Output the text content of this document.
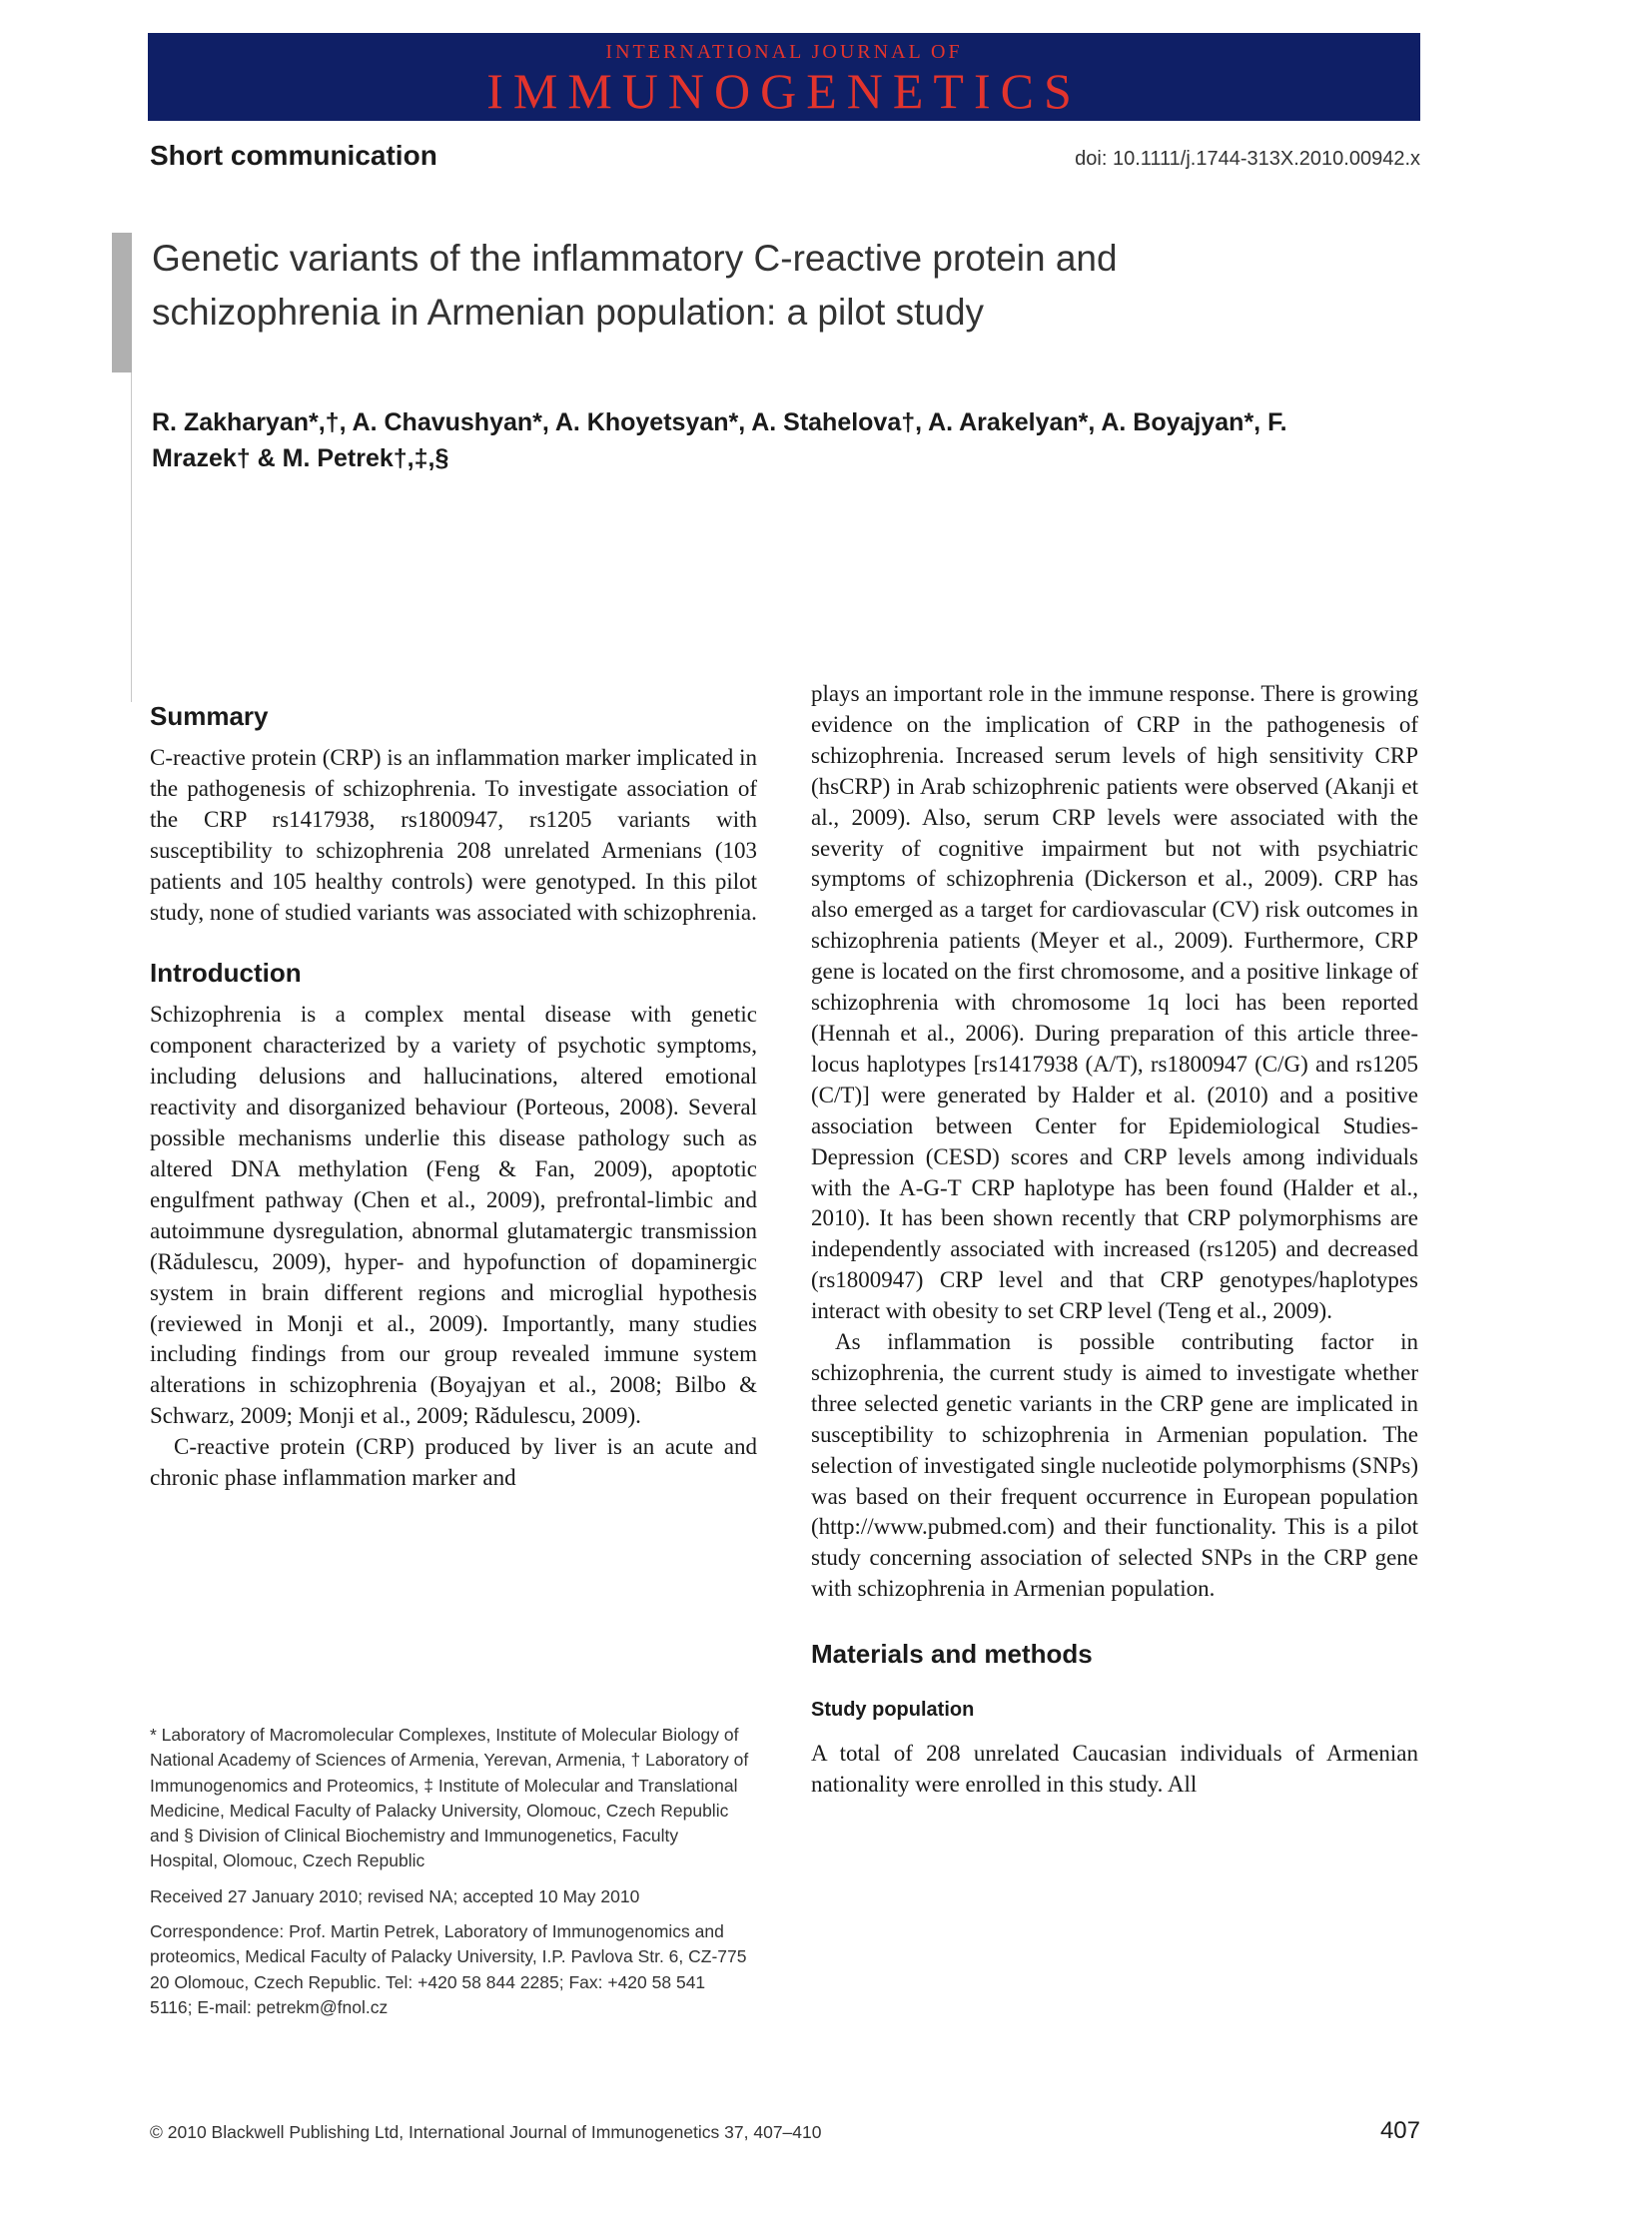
INTERNATIONAL JOURNAL OF
IMMUNOGENETICS
Short communication	doi: 10.1111/j.1744-313X.2010.00942.x
Genetic variants of the inflammatory C-reactive protein and schizophrenia in Armenian population: a pilot study
R. Zakharyan*,†, A. Chavushyan*, A. Khoyetsyan*, A. Stahelova†, A. Arakelyan*, A. Boyajyan*, F. Mrazek† & M. Petrek†,‡,§
Summary

C-reactive protein (CRP) is an inflammation marker implicated in the pathogenesis of schizophrenia. To investigate association of the CRP rs1417938, rs1800947, rs1205 variants with susceptibility to schizophrenia 208 unrelated Armenians (103 patients and 105 healthy controls) were genotyped. In this pilot study, none of studied variants was associated with schizophrenia.

Introduction

Schizophrenia is a complex mental disease with genetic component characterized by a variety of psychotic symptoms, including delusions and hallucinations, altered emotional reactivity and disorganized behaviour (Porteous, 2008). Several possible mechanisms underlie this disease pathology such as altered DNA methylation (Feng & Fan, 2009), apoptotic engulfment pathway (Chen et al., 2009), prefrontal-limbic and autoimmune dysregulation, abnormal glutamatergic transmission (Rădulescu, 2009), hyper- and hypofunction of dopaminergic system in brain different regions and microglial hypothesis (reviewed in Monji et al., 2009). Importantly, many studies including findings from our group revealed immune system alterations in schizophrenia (Boyajyan et al., 2008; Bilbo & Schwarz, 2009; Monji et al., 2009; Rădulescu, 2009).

C-reactive protein (CRP) produced by liver is an acute and chronic phase inflammation marker and

plays an important role in the immune response. There is growing evidence on the implication of CRP in the pathogenesis of schizophrenia. Increased serum levels of high sensitivity CRP (hsCRP) in Arab schizophrenic patients were observed (Akanji et al., 2009). Also, serum CRP levels were associated with the severity of cognitive impairment but not with psychiatric symptoms of schizophrenia (Dickerson et al., 2009). CRP has also emerged as a target for cardiovascular (CV) risk outcomes in schizophrenia patients (Meyer et al., 2009). Furthermore, CRP gene is located on the first chromosome, and a positive linkage of schizophrenia with chromosome 1q loci has been reported (Hennah et al., 2006). During preparation of this article three-locus haplotypes [rs1417938 (A/T), rs1800947 (C/G) and rs1205 (C/T)] were generated by Halder et al. (2010) and a positive association between Center for Epidemiological Studies-Depression (CESD) scores and CRP levels among individuals with the A-G-T CRP haplotype has been found (Halder et al., 2010). It has been shown recently that CRP polymorphisms are independently associated with increased (rs1205) and decreased (rs1800947) CRP level and that CRP genotypes/haplotypes interact with obesity to set CRP level (Teng et al., 2009).

As inflammation is possible contributing factor in schizophrenia, the current study is aimed to investigate whether three selected genetic variants in the CRP gene are implicated in susceptibility to schizophrenia in Armenian population. The selection of investigated single nucleotide polymorphisms (SNPs) was based on their frequent occurrence in European population (http://www.pubmed.com) and their functionality. This is a pilot study concerning association of selected SNPs in the CRP gene with schizophrenia in Armenian population.

Materials and methods
Study population

A total of 208 unrelated Caucasian individuals of Armenian nationality were enrolled in this study. All

* Laboratory of Macromolecular Complexes, Institute of Molecular Biology of National Academy of Sciences of Armenia, Yerevan, Armenia, † Laboratory of Immunogenomics and Proteomics, ‡ Institute of Molecular and Translational Medicine, Medical Faculty of Palacky University, Olomouc, Czech Republic and § Division of Clinical Biochemistry and Immunogenetics, Faculty Hospital, Olomouc, Czech Republic

Received 27 January 2010; revised NA; accepted 10 May 2010

Correspondence: Prof. Martin Petrek, Laboratory of Immunogenomics and proteomics, Medical Faculty of Palacky University, I.P. Pavlova Str. 6, CZ-775 20 Olomouc, Czech Republic. Tel: +420 58 844 2285; Fax: +420 58 541 5116; E-mail: petrekm@fnol.cz

© 2010 Blackwell Publishing Ltd, International Journal of Immunogenetics 37, 407–410	407
